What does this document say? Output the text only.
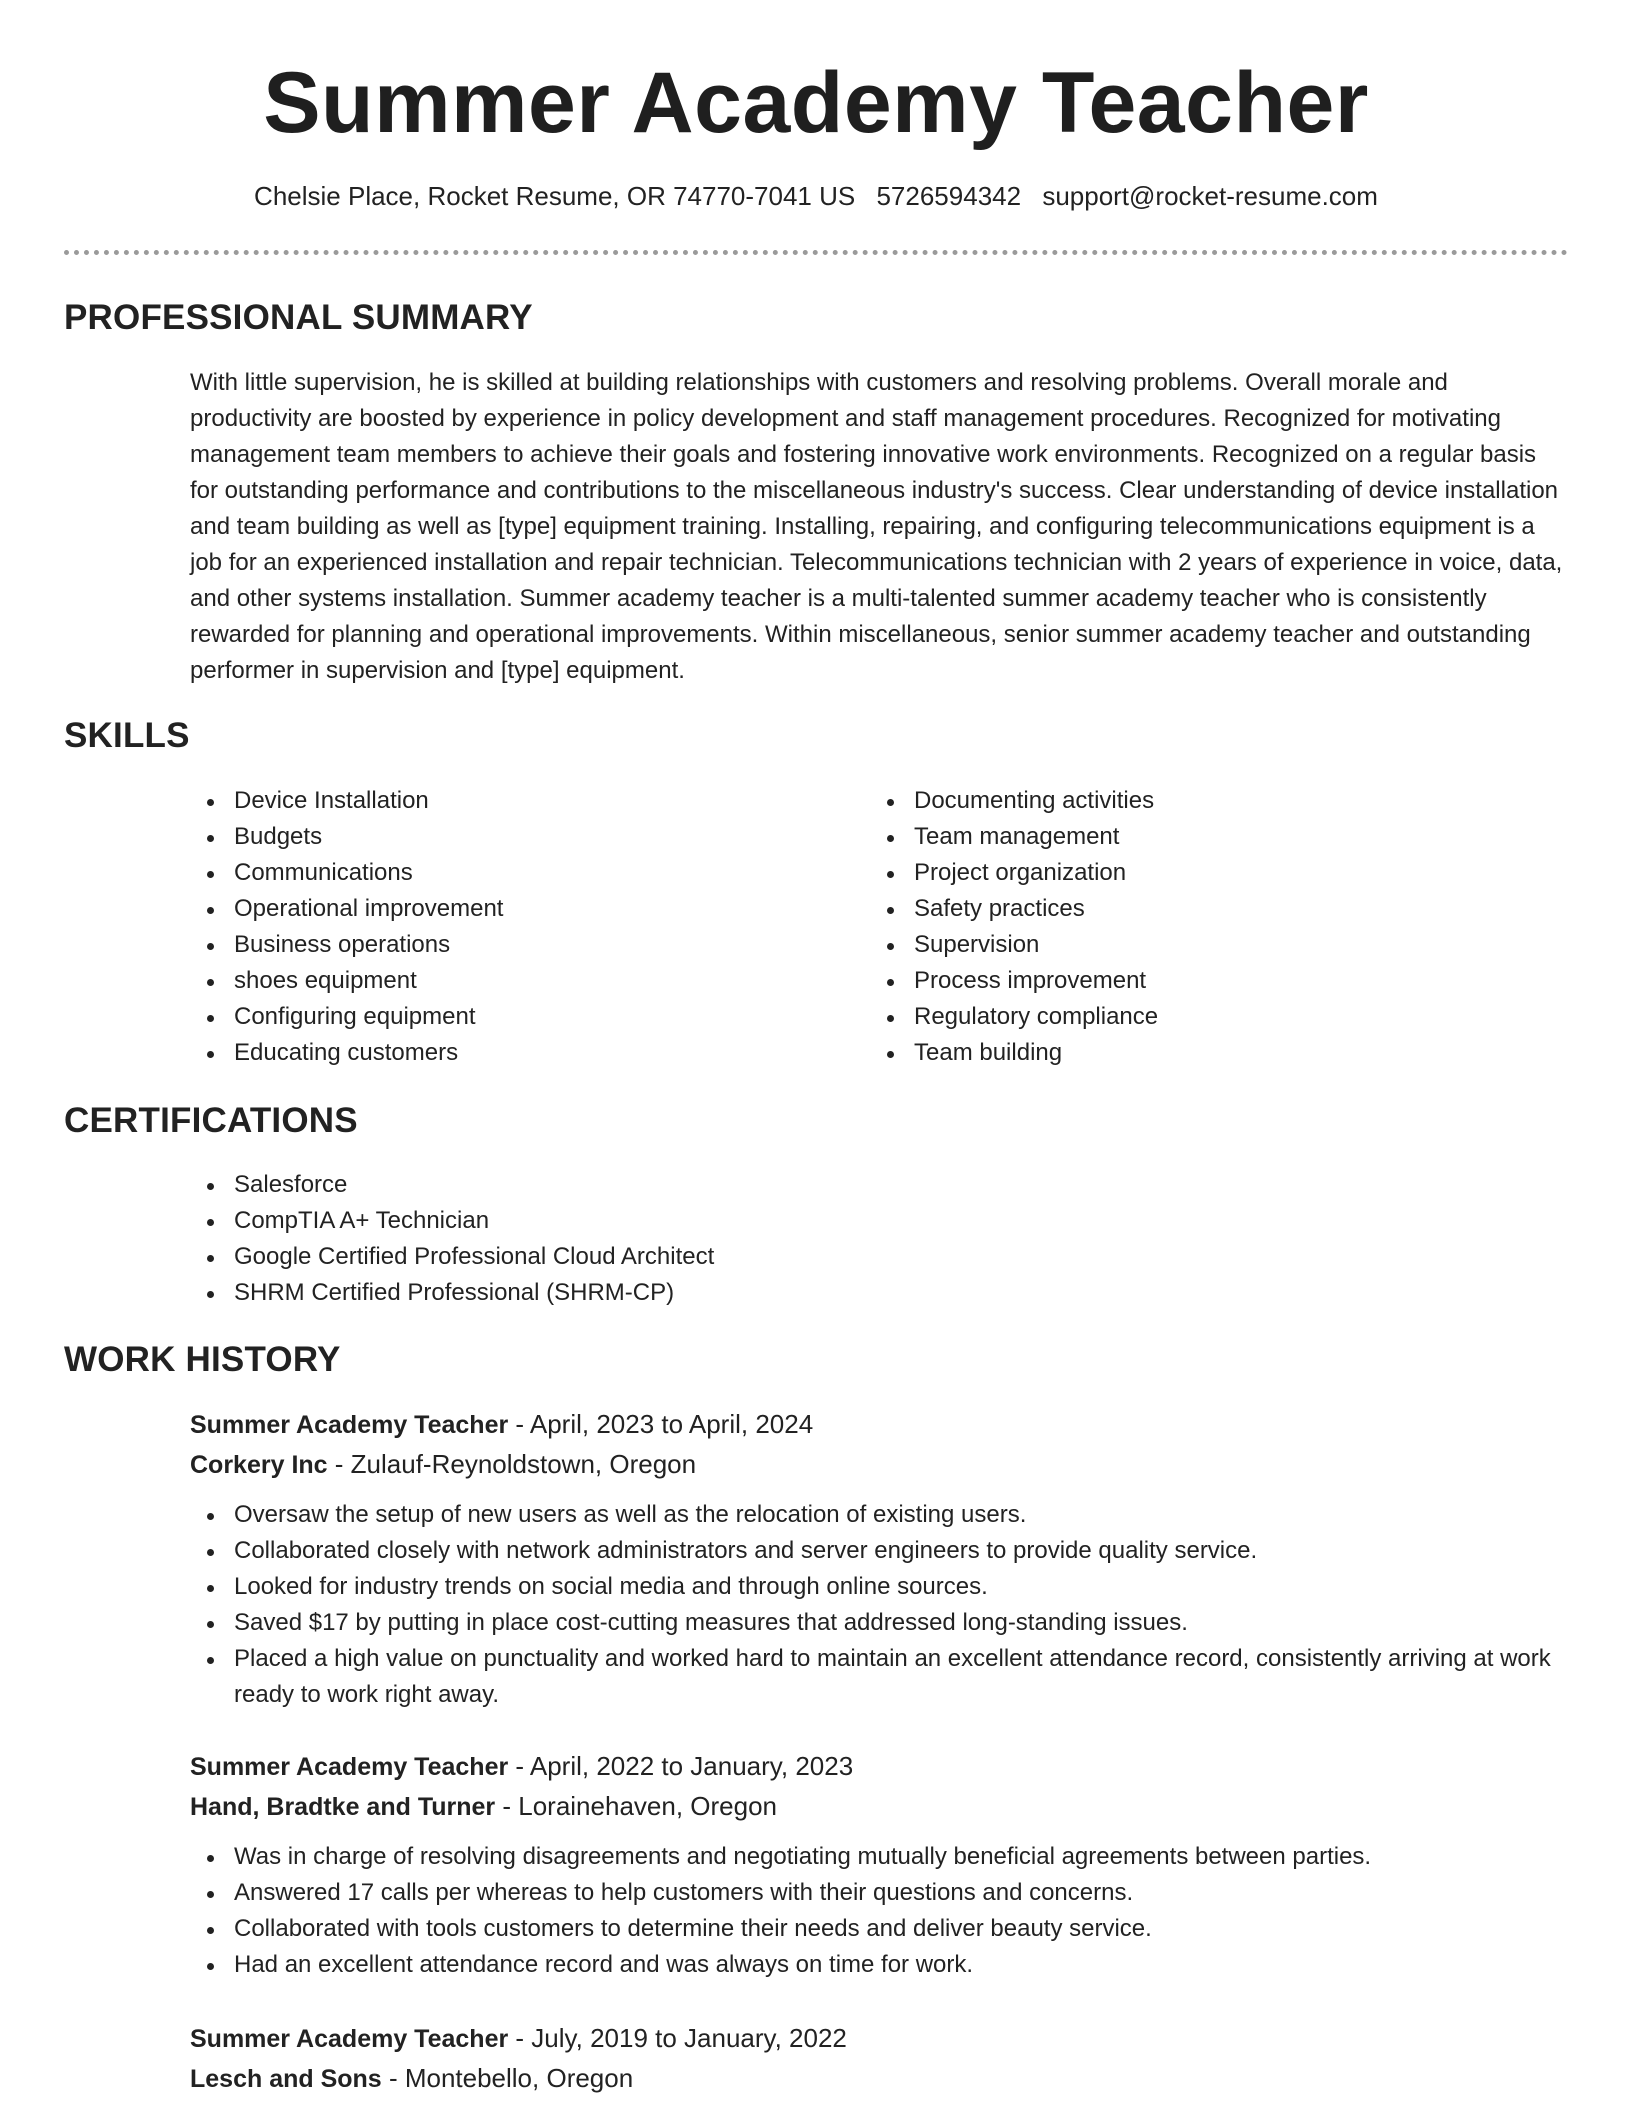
Summer Academy Teacher
Chelsie Place, Rocket Resume, OR 74770-7041 US 5726594342 support@rocket-resume.com
PROFESSIONAL SUMMARY

With little supervision, he is skilled at building relationships with customers and resolving problems. Overall morale and productivity are boosted by experience in policy development and staff management procedures. Recognized for motivating management team members to achieve their goals and fostering innovative work environments. Recognized on a regular basis for outstanding performance and contributions to the miscellaneous industry's success. Clear understanding of device installation and team building as well as [type] equipment training. Installing, repairing, and configuring telecommunications equipment is a job for an experienced installation and repair technician. Telecommunications technician with 2 years of experience in voice, data, and other systems installation. Summer academy teacher is a multi-talented summer academy teacher who is consistently rewarded for planning and operational improvements. Within miscellaneous, senior summer academy teacher and outstanding performer in supervision and [type] equipment.

SKILLS
Device Installation
Budgets
Communications
Operational improvement
Business operations
shoes equipment
Configuring equipment
Educating customers
Documenting activities
Team management
Project organization
Safety practices
Supervision
Process improvement
Regulatory compliance
Team building
CERTIFICATIONS
Salesforce
CompTIA A+ Technician
Google Certified Professional Cloud Architect
SHRM Certified Professional (SHRM-CP)
WORK HISTORY
Summer Academy Teacher - April, 2023 to April, 2024
Corkery Inc - Zulauf-Reynoldstown, Oregon
Oversaw the setup of new users as well as the relocation of existing users.
Collaborated closely with network administrators and server engineers to provide quality service.
Looked for industry trends on social media and through online sources.
Saved $17 by putting in place cost-cutting measures that addressed long-standing issues.
Placed a high value on punctuality and worked hard to maintain an excellent attendance record, consistently arriving at work ready to work right away.
Summer Academy Teacher - April, 2022 to January, 2023
Hand, Bradtke and Turner - Lorainehaven, Oregon
Was in charge of resolving disagreements and negotiating mutually beneficial agreements between parties.
Answered 17 calls per whereas to help customers with their questions and concerns.
Collaborated with tools customers to determine their needs and deliver beauty service.
Had an excellent attendance record and was always on time for work.
Summer Academy Teacher - July, 2019 to January, 2022
Lesch and Sons - Montebello, Oregon
